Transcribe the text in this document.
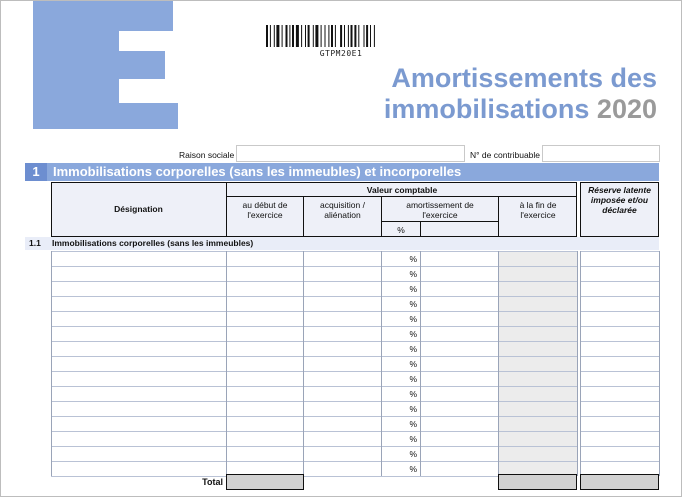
GTPM20E1
Amortissements des
immobilisations 2020
Raison sociale	N° de contribuable
1	Immobilisations corporelles (sans les immeubles) et incorporelles
Désignation
Valeur comptable
au début de
l'exercice
acquisition /
aliénation
amortissement de
l'exercice
%
à la fin de
l'exercice
Réserve latente
imposée et/ou
déclarée
1.1 Immobilisations corporelles (sans les immeubles)
%
%
%
%
%
%
%
%
%
%
%
%
%
%
%
Total
